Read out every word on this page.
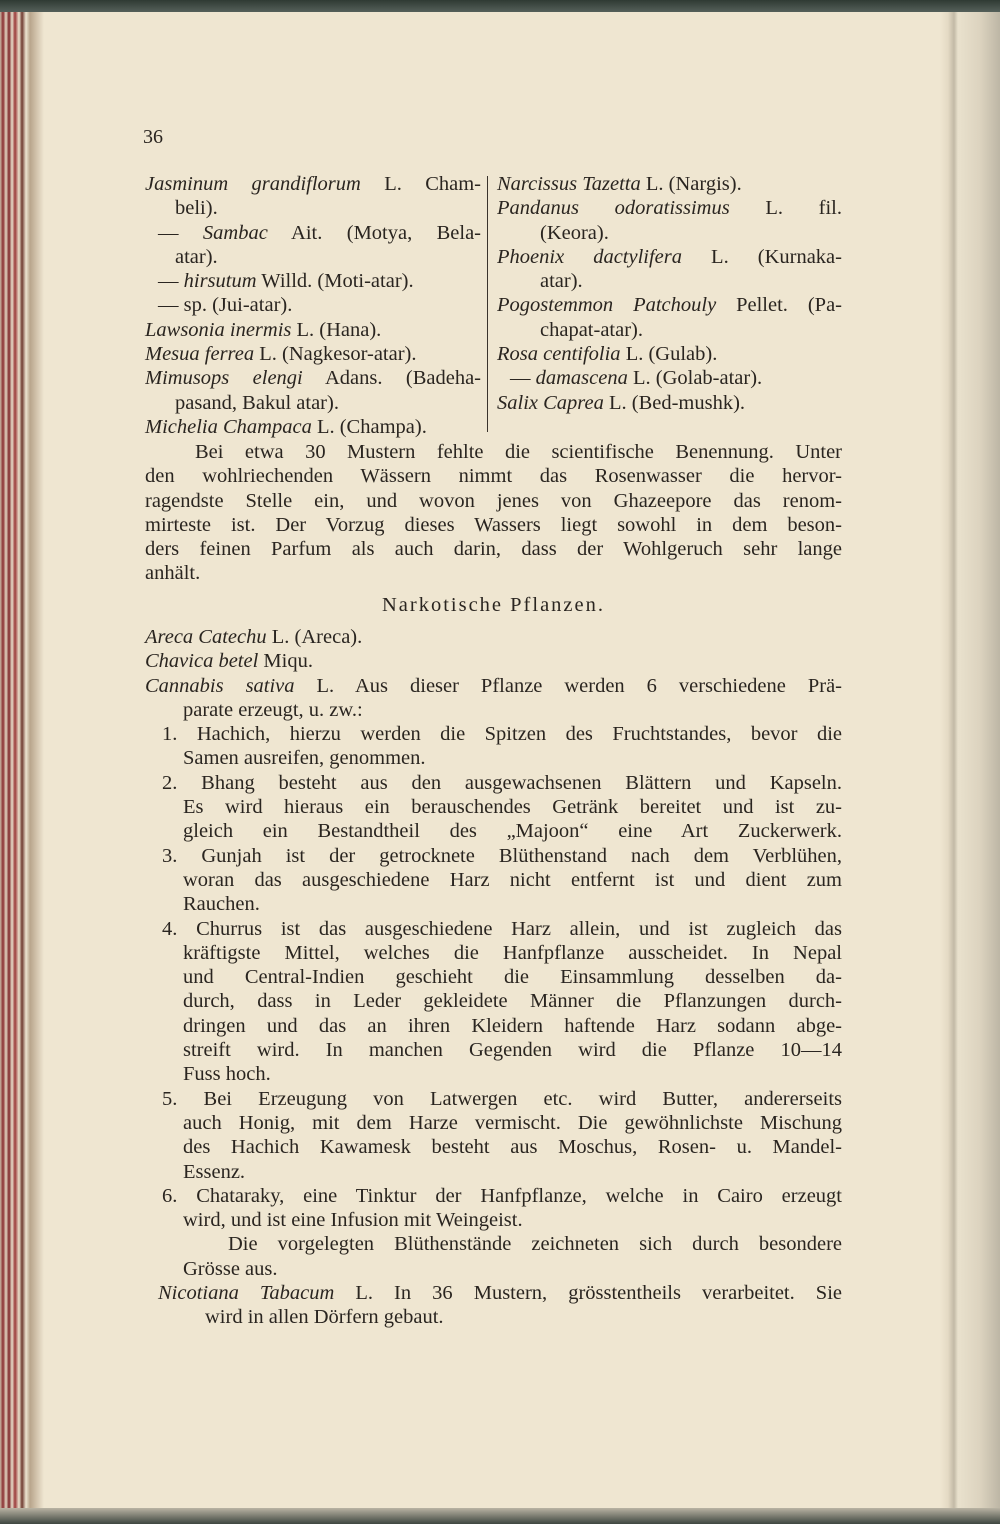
36
Jasminum grandiflorum L. Cham-
beli).
— Sambac Ait. (Motya, Bela-
atar).
— hirsutum Willd. (Moti-atar).
— sp. (Jui-atar).
Lawsonia inermis L. (Hana).
Mesua ferrea L. (Nagkesor-atar).
Mimusops elengi Adans. (Badeha-
pasand, Bakul atar).
Michelia Champaca L. (Champa).
Narcissus Tazetta L. (Nargis).
Pandanus odoratissimus L. fil.
(Keora).
Phoenix dactylifera L. (Kurnaka-
atar).
Pogostemmon Patchouly Pellet. (Pa-
chapat-atar).
Rosa centifolia L. (Gulab).
— damascena L. (Golab-atar).
Salix Caprea L. (Bed-mushk).
Bei etwa 30 Mustern fehlte die scientifische Benennung. Unter
den wohlriechenden Wässern nimmt das Rosenwasser die hervor-
ragendste Stelle ein, und wovon jenes von Ghazeepore das renom-
mirteste ist. Der Vorzug dieses Wassers liegt sowohl in dem beson-
ders feinen Parfum als auch darin, dass der Wohlgeruch sehr lange
anhält.
Narkotische Pflanzen.
Areca Catechu L. (Areca).
Chavica betel Miqu.
Cannabis sativa L. Aus dieser Pflanze werden 6 verschiedene Prä-
parate erzeugt, u. zw.:
1. Hachich, hierzu werden die Spitzen des Fruchtstandes, bevor die
Samen ausreifen, genommen.
2. Bhang besteht aus den ausgewachsenen Blättern und Kapseln.
Es wird hieraus ein berauschendes Getränk bereitet und ist zu-
gleich ein Bestandtheil des „Majoon“ eine Art Zuckerwerk.
3. Gunjah ist der getrocknete Blüthenstand nach dem Verblühen,
woran das ausgeschiedene Harz nicht entfernt ist und dient zum
Rauchen.
4. Churrus ist das ausgeschiedene Harz allein, und ist zugleich das
kräftigste Mittel, welches die Hanfpflanze ausscheidet. In Nepal
und Central-Indien geschieht die Einsammlung desselben da-
durch, dass in Leder gekleidete Männer die Pflanzungen durch-
dringen und das an ihren Kleidern haftende Harz sodann abge-
streift wird. In manchen Gegenden wird die Pflanze 10—14
Fuss hoch.
5. Bei Erzeugung von Latwergen etc. wird Butter, andererseits
auch Honig, mit dem Harze vermischt. Die gewöhnlichste Mischung
des Hachich Kawamesk besteht aus Moschus, Rosen- u. Mandel-
Essenz.
6. Chataraky, eine Tinktur der Hanfpflanze, welche in Cairo erzeugt
wird, und ist eine Infusion mit Weingeist.
Die vorgelegten Blüthenstände zeichneten sich durch besondere
Grösse aus.
Nicotiana Tabacum L. In 36 Mustern, grösstentheils verarbeitet. Sie
wird in allen Dörfern gebaut.
